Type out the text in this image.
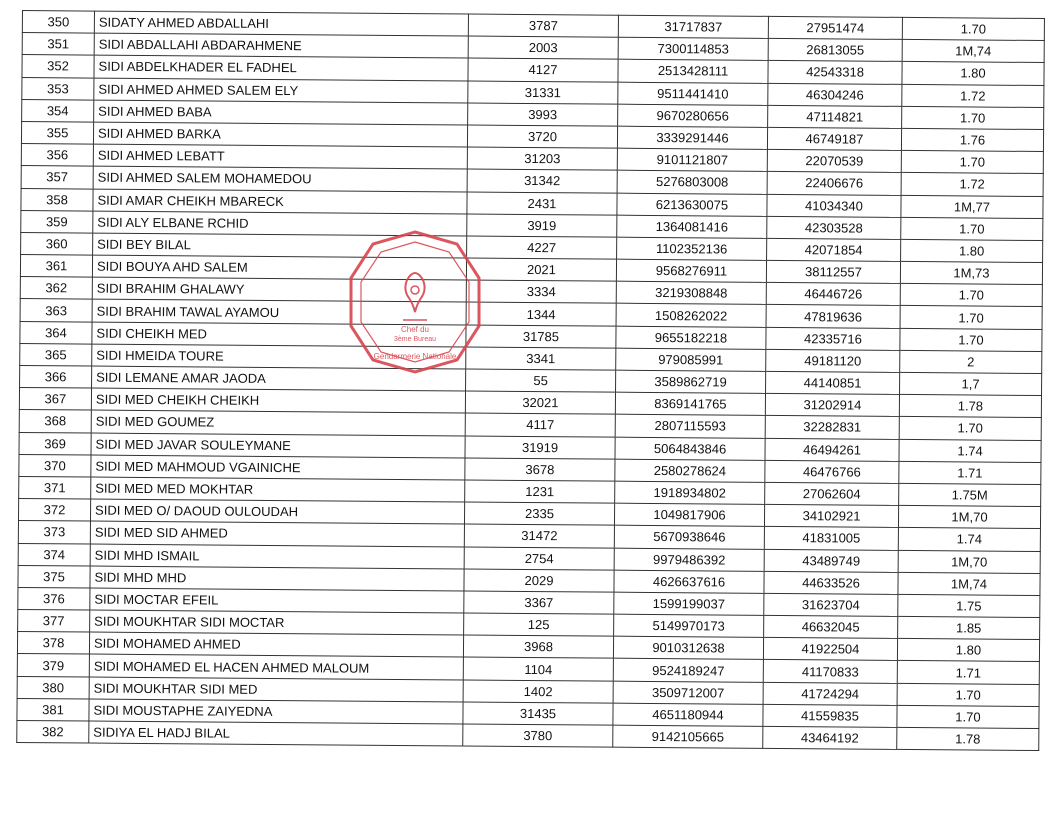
350	SIDATY AHMED ABDALLAHI	3787	31717837	27951474	1.70
351	SIDI ABDALLAHI ABDARAHMENE	2003	7300114853	26813055	1M,74
352	SIDI ABDELKHADER EL FADHEL	4127	2513428111	42543318	1.80
353	SIDI AHMED AHMED SALEM ELY	31331	9511441410	46304246	1.72
354	SIDI AHMED BABA	3993	9670280656	47114821	1.70
355	SIDI AHMED BARKA	3720	3339291446	46749187	1.76
356	SIDI AHMED LEBATT	31203	9101121807	22070539	1.70
357	SIDI AHMED SALEM MOHAMEDOU	31342	5276803008	22406676	1.72
358	SIDI AMAR CHEIKH MBARECK	2431	6213630075	41034340	1M,77
359	SIDI ALY ELBANE RCHID	3919	1364081416	42303528	1.70
360	SIDI BEY BILAL	4227	1102352136	42071854	1.80
361	SIDI BOUYA AHD SALEM	2021	9568276911	38112557	1M,73
362	SIDI BRAHIM GHALAWY	3334	3219308848	46446726	1.70
363	SIDI BRAHIM TAWAL AYAMOU	1344	1508262022	47819636	1.70
364	SIDI CHEIKH MED	31785	9655182218	42335716	1.70
365	SIDI HMEIDA TOURE	3341	979085991	49181120	2
366	SIDI LEMANE AMAR JAODA	55	3589862719	44140851	1,7
367	SIDI MED CHEIKH CHEIKH	32021	8369141765	31202914	1.78
368	SIDI MED GOUMEZ	4117	2807115593	32282831	1.70
369	SIDI MED JAVAR SOULEYMANE	31919	5064843846	46494261	1.74
370	SIDI MED MAHMOUD VGAINICHE	3678	2580278624	46476766	1.71
371	SIDI MED MED MOKHTAR	1231	1918934802	27062604	1.75M
372	SIDI MED O/ DAOUD OULOUDAH	2335	1049817906	34102921	1M,70
373	SIDI MED SID AHMED	31472	5670938646	41831005	1.74
374	SIDI MHD ISMAIL	2754	9979486392	43489749	1M,70
375	SIDI MHD MHD	2029	4626637616	44633526	1M,74
376	SIDI MOCTAR EFEIL	3367	1599199037	31623704	1.75
377	SIDI MOUKHTAR SIDI MOCTAR	125	5149970173	46632045	1.85
378	SIDI MOHAMED AHMED	3968	9010312638	41922504	1.80
379	SIDI MOHAMED EL HACEN AHMED MALOUM	1104	9524189247	41170833	1.71
380	SIDI MOUKHTAR SIDI MED	1402	3509712007	41724294	1.70
381	SIDI MOUSTAPHE ZAIYEDNA	31435	4651180944	41559835	1.70
382	SIDIYA EL HADJ BILAL	3780	9142105665	43464192	1.78
Chef du
3ème Bureau
Gendarmerie Nationale
